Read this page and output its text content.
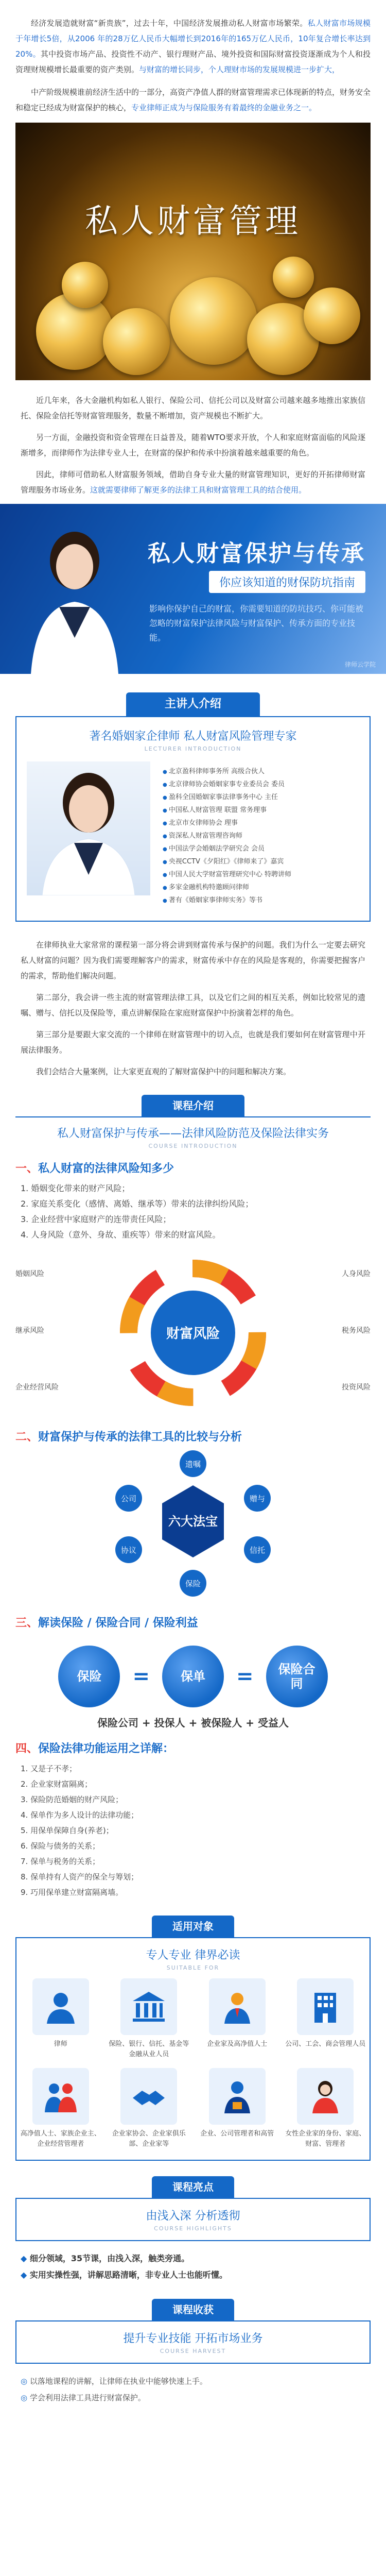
经济发展造就财富“新贵族”，过去十年，中国经济发展推动私人财富市场繁荣。私人财富市场规模于年增长5倍，从2006 年的28万亿人民币大幅增长到2016年的165万亿人民币，10年复合增长率达到20%。其中投资市场产品、投资性不动产、银行理财产品、境外投资和国际财富投资逐渐成为个人和投资理财规模增长最重要的资产类别。与财富的增长同步，个人理财市场的发展规模进一步扩大，

中产阶级规模谁前经济生活中的一部分，高资产净值人群的财富管理需求已体现新的特点，财务安全和稳定已经成为财富保护的核心，专业律师正成为与保险服务有着最终的金融业务之一。

私人财富管理

近几年来，各大金融机构如私人银行、保险公司、信托公司以及财富公司越来越多地推出家族信托、保险金信托等财富管理服务，数量不断增加，资产规模也不断扩大。

另一方面，金融投资和资金管理在日益普及，随着WTO要求开放，个人和家庭财富面临的风险逐渐增多，而律师作为法律专业人士，在财富的保护和传承中扮演着越来越重要的角色。

因此，律师可借助私人财富服务领域，借助自身专业大量的财富管理知识，更好的开拓律师财富管理服务市场业务。这就需要律师了解更多的法律工具和财富管理工具的结合使用。

私人财富保护与传承
你应该知道的财保防坑指南
影响你保护自己的财富，你需要知道的防坑技巧、你可能被忽略的财富保护法律风险与财富保护、传承方面的专业技能。
律师云学院
主讲人介绍
著名婚姻家企律师 私人财富风险管理专家
LECTURER INTRODUCTION
● 北京盈科律师事务所 高级合伙人
● 北京律师协会婚姻家事专业委员会 委员
● 盈科全国婚姻家事法律事务中心 主任
● 中国私人财富管理 联盟 常务理事
● 北京市女律师协会 理事
● 资深私人财富管理咨询师
● 中国法学会婚姻法学研究会 会员
● 央视CCTV《夕阳红》《律师来了》嘉宾
● 中国人民大学财富管理研究中心 特聘讲师
● 多家金融机构特邀顾问律师
● 著有《婚姻家事律师实务》等书

在律师执业大家常常的课程第一部分将会讲到财富传承与保护的问题。我们为什么一定要去研究私人财富的问题？因为我们需要理解客户的需求，财富传承中存在的风险是客观的，你需要把握客户的需求，帮助他们解决问题。

第二部分，我会讲一些主流的财富管理法律工具，以及它们之间的相互关系，例如比较常见的遗嘱、赠与、信托以及保险等，重点讲解保险在家庭财富保护中扮演着怎样的角色。

第三部分是要跟大家交流的一个律师在财富管理中的切入点，也就是我们要如何在财富管理中开展法律服务。

我们会结合大量案例，让大家更直观的了解财富保护中的问题和解决方案。

课程介绍
私人财富保护与传承——法律风险防范及保险法律实务
COURSE INTRODUCTION
一、私人财富的法律风险知多少
1. 婚姻变化带来的财产风险；
2. 家庭关系变化（感情、离婚、继承等）带来的法律纠纷风险；
3. 企业经营中家庭财产的连带责任风险；
4. 人身风险（意外、身故、重疾等）带来的财富风险。
财富风险
婚姻风险
继承风险
企业经营风险
人身风险
税务风险
投资风险
二、财富保护与传承的法律工具的比较与分析
六大法宝
遗嘱
赠与
信托
保险
协议
公司
三、解读保险 / 保险合同 / 保险利益
保险	=	保单	=	保险合同
保险公司 + 投保人 + 被保险人 + 受益人
四、保险法律功能运用之详解：
1. 又是子不孝；
2. 企业家财富隔离；
3. 保险防范婚姻的财产风险；
4. 保单作为多人设计的法律功能；
5. 用保单保障自身(养老)；
6. 保险与债务的关系；
7. 保单与税务的关系；
8. 保单持有人资产的保全与筹划；
9. 巧用保单建立财富隔离墙。
适用对象
专人专业 律界必读
SUITABLE FOR
律师	保险、银行、信托、基金等金融从业人员
企业家及高净值人士	公司、工会、商会管理人员
高净值人士、家族企业主、企业经营管理者
企业家协会、企业家俱乐部、企业家等
企业、公司管理者和高管	女性企业家的身份、家庭、财富、管理者
课程亮点
由浅入深 分析透彻
COURSE HIGHLIGHTS
◆ 细分领域，35节课，由浅入深，触类旁通。
◆ 实用实操性强，讲解思路清晰，非专业人士也能听懂。
课程收获
提升专业技能 开拓市场业务
COURSE HARVEST
◎ 以落地课程的讲解，让律师在执业中能够快速上手。
◎ 学会利用法律工具进行财富保护。
